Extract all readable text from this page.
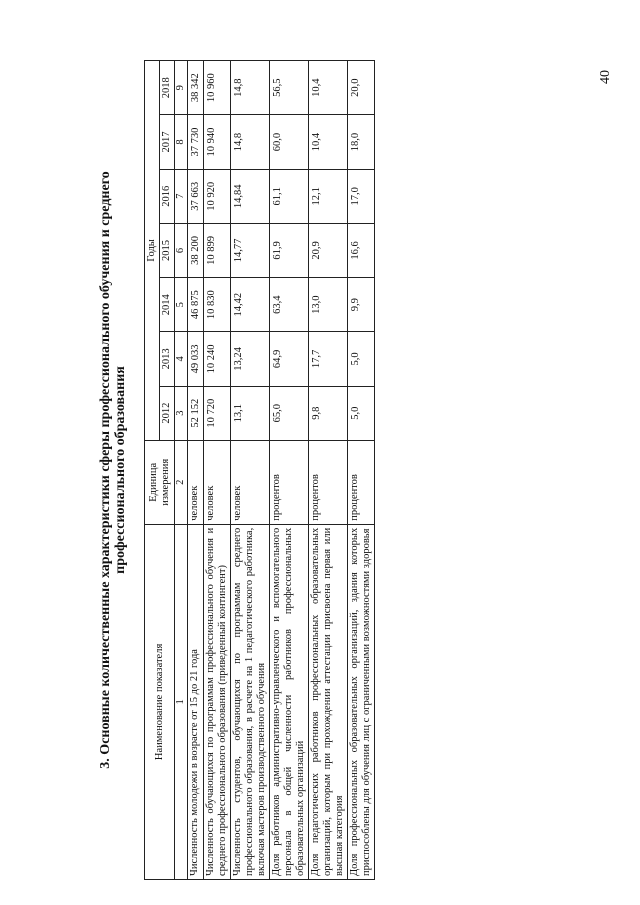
40
3. Основные количественные характеристики сферы профессионального обучения и среднего профессионального образования
Наименование показателя	Единица измерения	Годы						
		2012	2013	2014	2015	2016	2017	2018
1	2	3	4	5	6	7	8	9
Численность молодежи в возрасте от 15 до 21 года	человек	52 152	49 033	46 875	38 200	37 663	37 730	38 342
Численность обучающихся по программам профессионального обучения и среднего профессионального образования (приведенный контингент)	человек	10 720	10 240	10 830	10 899	10 920	10 940	10 960
Численность студентов, обучающихся по программам среднего профессионального образования, в расчете на 1 педагогического работника, включая мастеров производственного обучения	человек	13,1	13,24	14,42	14,77	14,84	14,8	14,8
Доля работников административно-управленческого и вспомогательного персонала в общей численности работников профессиональных образовательных организаций	процентов	65,0	64,9	63,4	61,9	61,1	60,0	56,5
Доля педагогических работников профессиональных образовательных организаций, которым при прохождении аттестации присвоена первая или высшая категория	процентов	9,8	17,7	13,0	20,9	12,1	10,4	10,4
Доля профессиональных образовательных организаций, здания которых приспособлены для обучения лиц с ограниченными возможностями здоровья	процентов	5,0	5,0	9,9	16,6	17,0	18,0	20,0
